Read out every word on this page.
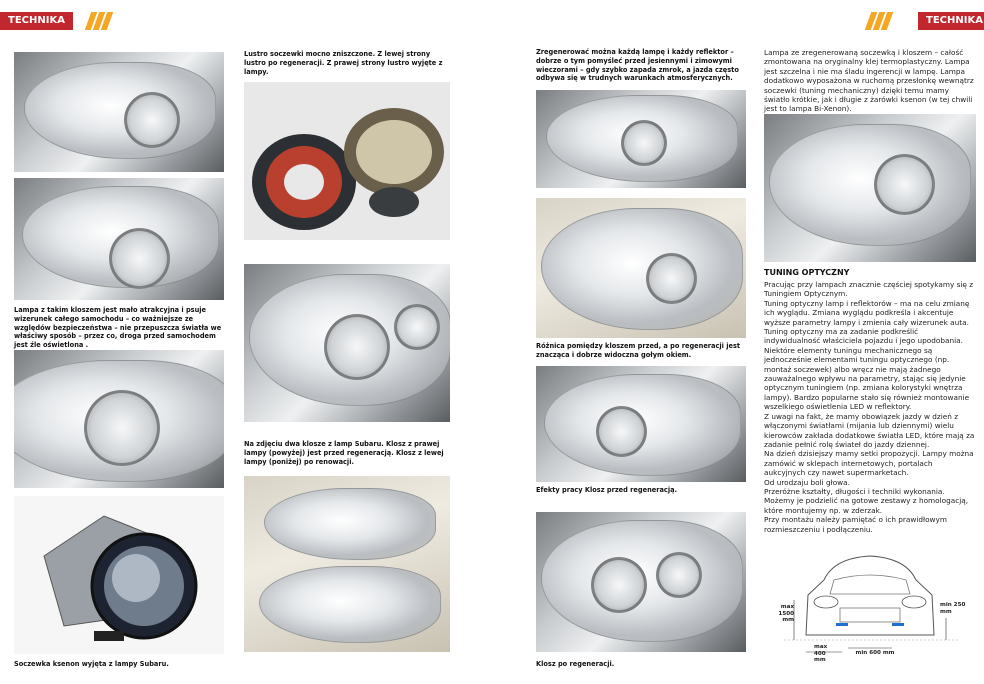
TECHNIKA	TECHNIKA
Lampa z takim kloszem jest mało atrakcyjna i psuje wizerunek całego samochodu – co ważniejsze ze względów bezpieczeństwa – nie przepuszcza światła we właściwy sposób – przez co, droga przed samochodem jest źle oświetlona .
Soczewka ksenon wyjęta z lampy Subaru.
Lustro soczewki mocno zniszczone. Z lewej strony lustro po regeneracji. Z prawej strony lustro wyjęte z lampy.
Na zdjęciu dwa klosze z lamp Subaru. Klosz z prawej lampy (powyżej) jest przed regeneracją. Klosz z lewej lampy (poniżej) po renowacji.
Zregenerować można każdą lampę i każdy reflektor – dobrze o tym pomyśleć przed jesiennymi i zimowymi wieczorami – gdy szybko zapada zmrok, a jazda często odbywa się w trudnych warunkach atmosferycznych.
Różnica pomiędzy kloszem przed, a po regeneracji jest znacząca i dobrze widoczna gołym okiem.
Efekty pracy Klosz przed regeneracją.
Klosz po regeneracji.

Lampa ze zregenerowaną soczewką i kloszem – całość zmontowana na oryginalny klej termoplastyczny. Lampa jest szczelna i nie ma śladu ingerencji w lampę. Lampa dodatkowo wyposażona w ruchomą przesłonkę wewnątrz soczewki (tuning mechaniczny) dzięki temu mamy światło krótkie, jak i długie z żarówki ksenon (w tej chwili jest to lampa Bi-Xenon).

TUNING OPTYCZNY

Pracując przy lampach znacznie częściej spotykamy się z Tuningiem Optycznym.

Tuning optyczny lamp i reflektorów – ma na celu zmianę ich wyglądu. Zmiana wyglądu podkreśla i akcentuje wyższe parametry lampy i zmienia cały wizerunek auta. Tuning optyczny ma za zadanie podkreślić indywidualność właściciela pojazdu i jego upodobania. Niektóre elementy tuningu mechanicznego są jednocześnie elementami tuningu optycznego (np. montaż soczewek) albo wręcz nie mają żadnego zauważalnego wpływu na parametry, stając się jedynie optycznym tuningiem (np. zmiana kolorystyki wnętrza lampy). Bardzo popularne stało się również montowanie wszelkiego oświetlenia LED w reflektory.

Z uwagi na fakt, że mamy obowiązek jazdy w dzień z włączonymi światłami (mijania lub dziennymi) wielu kierowców zakłada dodatkowe światła LED, które mają za zadanie pełnić rolę świateł do jazdy dziennej.

Na dzień dzisiejszy mamy setki propozycji. Lampy można zamówić w sklepach internetowych, portalach aukcyjnych czy nawet supermarketach.

Od urodzaju boli głowa.

Przeróżne kształty, długości i techniki wykonania.

Możemy je podzielić na gotowe zestawy z homologacją, które montujemy np. w zderzak.

Przy montażu należy pamiętać o ich prawidłowym rozmieszczeniu i podłączeniu.

max 1500 mm
min 250 mm
max 400 mm
min 600 mm
